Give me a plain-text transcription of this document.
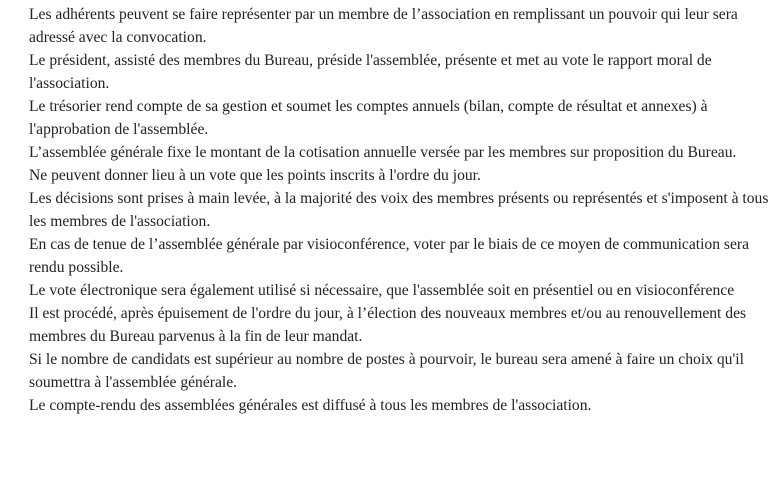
Les adhérents peuvent se faire représenter par un membre de l’association en remplissant un pouvoir qui leur sera adressé avec la convocation.

Le président, assisté des membres du Bureau, préside l'assemblée, présente et met au vote le rapport moral de l'association.

Le trésorier rend compte de sa gestion et soumet les comptes annuels (bilan, compte de résultat et annexes) à l'approbation de l'assemblée.

L’assemblée générale fixe le montant de la cotisation annuelle versée par les membres sur proposition du Bureau.

Ne peuvent donner lieu à un vote que les points inscrits à l'ordre du jour.

Les décisions sont prises à main levée, à la majorité des voix des membres présents ou représentés et s'imposent à tous les membres de l'association.

En cas de tenue de l’assemblée générale par visioconférence, voter par le biais de ce moyen de communication sera rendu possible.

Le vote électronique sera également utilisé si nécessaire, que l'assemblée soit en présentiel ou en visioconférence

Il est procédé, après épuisement de l'ordre du jour, à l’élection des nouveaux membres et/ou au renouvellement des membres du Bureau parvenus à la fin de leur mandat.

Si le nombre de candidats est supérieur au nombre de postes à pourvoir, le bureau sera amené à faire un choix qu'il soumettra à l'assemblée générale.

Le compte-rendu des assemblées générales est diffusé à tous les membres de l'association.
